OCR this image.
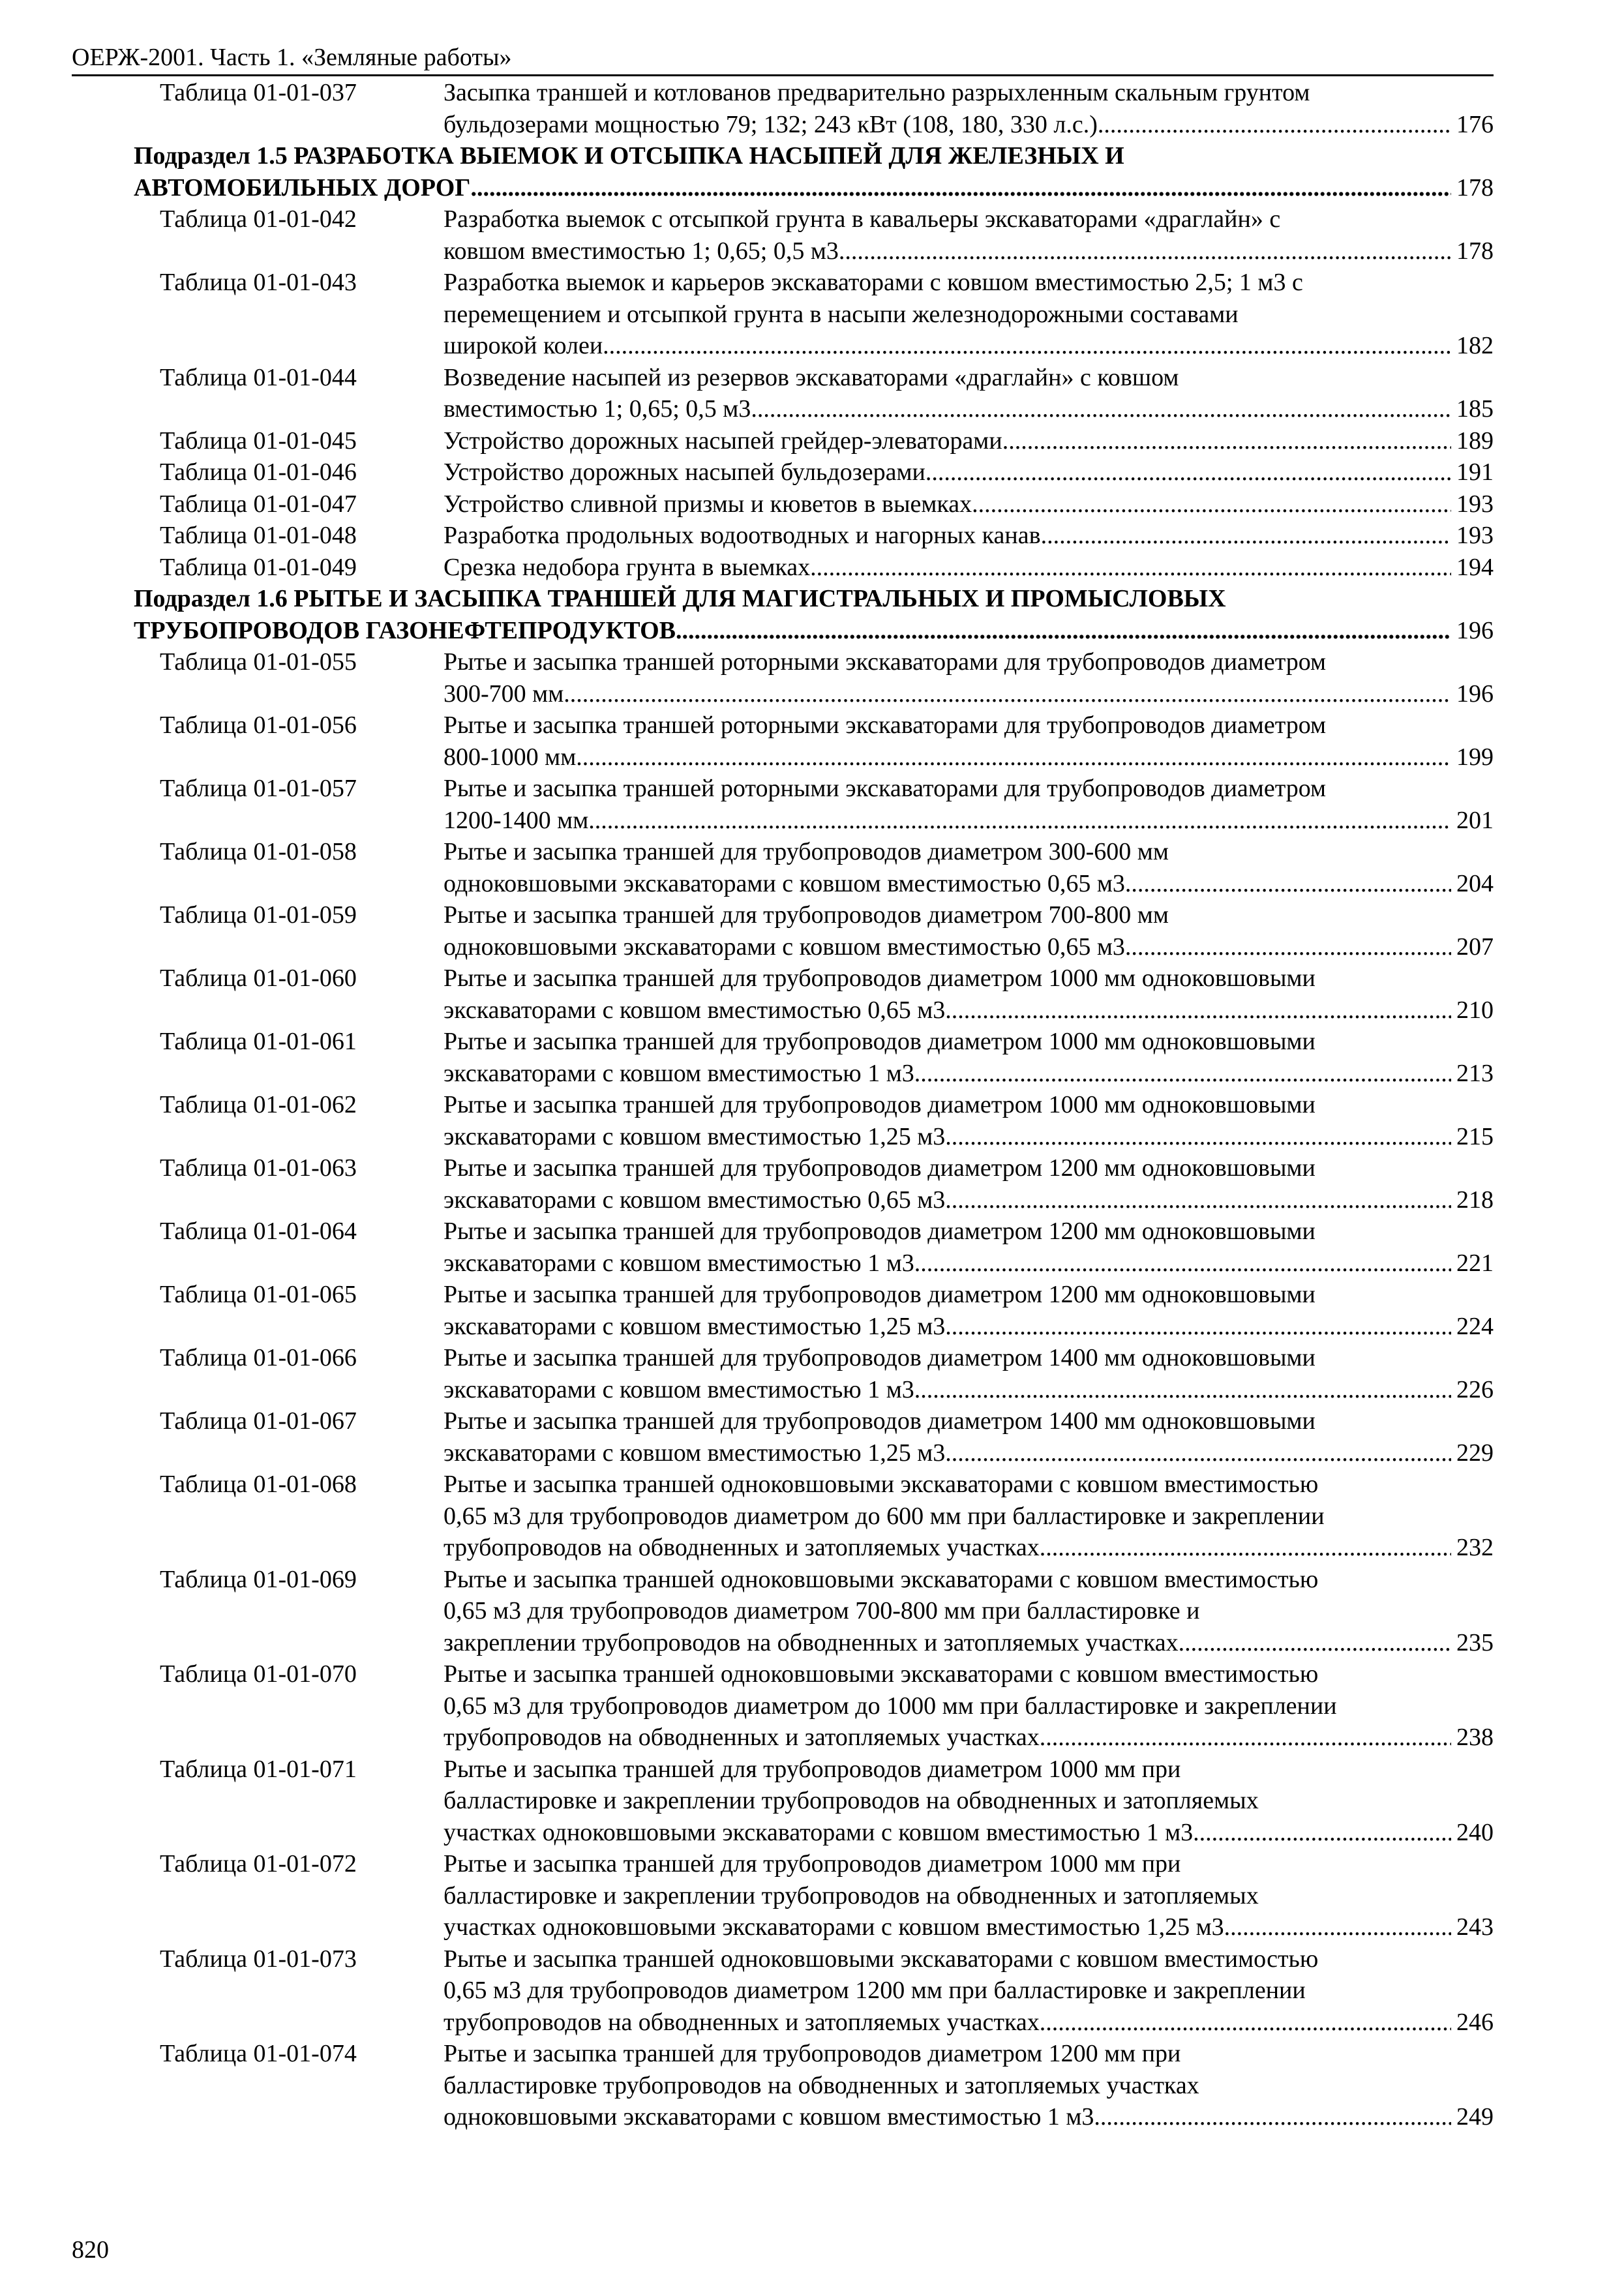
ОЕРЖ-2001. Часть 1. «Земляные работы»
Таблица 01-01-037	Засыпка траншей и котлованов предварительно разрыхленным скальным грунтом
бульдозерами мощностью 79; 132; 243 кВт (108, 180, 330 л.с.) .....	176
Подраздел 1.5 РАЗРАБОТКА ВЫЕМОК И ОТСЫПКА НАСЫПЕЙ ДЛЯ ЖЕЛЕЗНЫХ И
АВТОМОБИЛЬНЫХ ДОРОГ .....	178
Таблица 01-01-042	Разработка выемок с отсыпкой грунта в кавальеры экскаваторами «драглайн» с
ковшом вместимостью 1; 0,65; 0,5 м3 .....	178
Таблица 01-01-043	Разработка выемок и карьеров экскаваторами с ковшом вместимостью 2,5; 1 м3 с
перемещением и отсыпкой грунта в насыпи железнодорожными составами
широкой колеи .....	182
Таблица 01-01-044	Возведение насыпей из резервов экскаваторами «драглайн» с ковшом
вместимостью 1; 0,65; 0,5 м3 .....	185
Таблица 01-01-045	Устройство дорожных насыпей грейдер-элеваторами .....	189
Таблица 01-01-046	Устройство дорожных насыпей бульдозерами .....	191
Таблица 01-01-047	Устройство сливной призмы и кюветов в выемках .....	193
Таблица 01-01-048	Разработка продольных водоотводных и нагорных канав .....	193
Таблица 01-01-049	Срезка недобора грунта в выемках .....	194
Подраздел 1.6 РЫТЬЕ И ЗАСЫПКА ТРАНШЕЙ ДЛЯ МАГИСТРАЛЬНЫХ И ПРОМЫСЛОВЫХ
ТРУБОПРОВОДОВ ГАЗОНЕФТЕПРОДУКТОВ .....	196
Таблица 01-01-055	Рытье и засыпка траншей роторными экскаваторами для трубопроводов диаметром
300-700 мм .....	196
Таблица 01-01-056	Рытье и засыпка траншей роторными экскаваторами для трубопроводов диаметром
800-1000 мм .....	199
Таблица 01-01-057	Рытье и засыпка траншей роторными экскаваторами для трубопроводов диаметром
1200-1400 мм .....	201
Таблица 01-01-058	Рытье и засыпка траншей для трубопроводов диаметром 300-600 мм
одноковшовыми экскаваторами с ковшом вместимостью 0,65 м3 .....	204
Таблица 01-01-059	Рытье и засыпка траншей для трубопроводов диаметром 700-800 мм
одноковшовыми экскаваторами с ковшом вместимостью 0,65 м3 .....	207
Таблица 01-01-060	Рытье и засыпка траншей для трубопроводов диаметром 1000 мм одноковшовыми
экскаваторами с ковшом вместимостью 0,65 м3 .....	210
Таблица 01-01-061	Рытье и засыпка траншей для трубопроводов диаметром 1000 мм одноковшовыми
экскаваторами с ковшом вместимостью 1 м3 .....	213
Таблица 01-01-062	Рытье и засыпка траншей для трубопроводов диаметром 1000 мм одноковшовыми
экскаваторами с ковшом вместимостью 1,25 м3 .....	215
Таблица 01-01-063	Рытье и засыпка траншей для трубопроводов диаметром 1200 мм одноковшовыми
экскаваторами с ковшом вместимостью 0,65 м3 .....	218
Таблица 01-01-064	Рытье и засыпка траншей для трубопроводов диаметром 1200 мм одноковшовыми
экскаваторами с ковшом вместимостью 1 м3 .....	221
Таблица 01-01-065	Рытье и засыпка траншей для трубопроводов диаметром 1200 мм одноковшовыми
экскаваторами с ковшом вместимостью 1,25 м3 .....	224
Таблица 01-01-066	Рытье и засыпка траншей для трубопроводов диаметром 1400 мм одноковшовыми
экскаваторами с ковшом вместимостью 1 м3 .....	226
Таблица 01-01-067	Рытье и засыпка траншей для трубопроводов диаметром 1400 мм одноковшовыми
экскаваторами с ковшом вместимостью 1,25 м3 .....	229
Таблица 01-01-068	Рытье и засыпка траншей одноковшовыми экскаваторами с ковшом вместимостью
0,65 м3 для трубопроводов диаметром до 600 мм при балластировке и закреплении
трубопроводов на обводненных и затопляемых участках .....	232
Таблица 01-01-069	Рытье и засыпка траншей одноковшовыми экскаваторами с ковшом вместимостью
0,65 м3 для трубопроводов диаметром 700-800 мм при балластировке и
закреплении трубопроводов на обводненных и затопляемых участках .....	235
Таблица 01-01-070	Рытье и засыпка траншей одноковшовыми экскаваторами с ковшом вместимостью
0,65 м3 для трубопроводов диаметром до 1000 мм при балластировке и закреплении
трубопроводов на обводненных и затопляемых участках .....	238
Таблица 01-01-071	Рытье и засыпка траншей для трубопроводов диаметром 1000 мм при
балластировке и закреплении трубопроводов на обводненных и затопляемых
участках одноковшовыми экскаваторами с ковшом вместимостью 1 м3 .....	240
Таблица 01-01-072	Рытье и засыпка траншей для трубопроводов диаметром 1000 мм при
балластировке и закреплении трубопроводов на обводненных и затопляемых
участках одноковшовыми экскаваторами с ковшом вместимостью 1,25 м3 .....	243
Таблица 01-01-073	Рытье и засыпка траншей одноковшовыми экскаваторами с ковшом вместимостью
0,65 м3 для трубопроводов диаметром 1200 мм при балластировке и закреплении
трубопроводов на обводненных и затопляемых участках .....	246
Таблица 01-01-074	Рытье и засыпка траншей для трубопроводов диаметром 1200 мм при
балластировке трубопроводов на обводненных и затопляемых участках
одноковшовыми экскаваторами с ковшом вместимостью 1 м3 .....	249
820
